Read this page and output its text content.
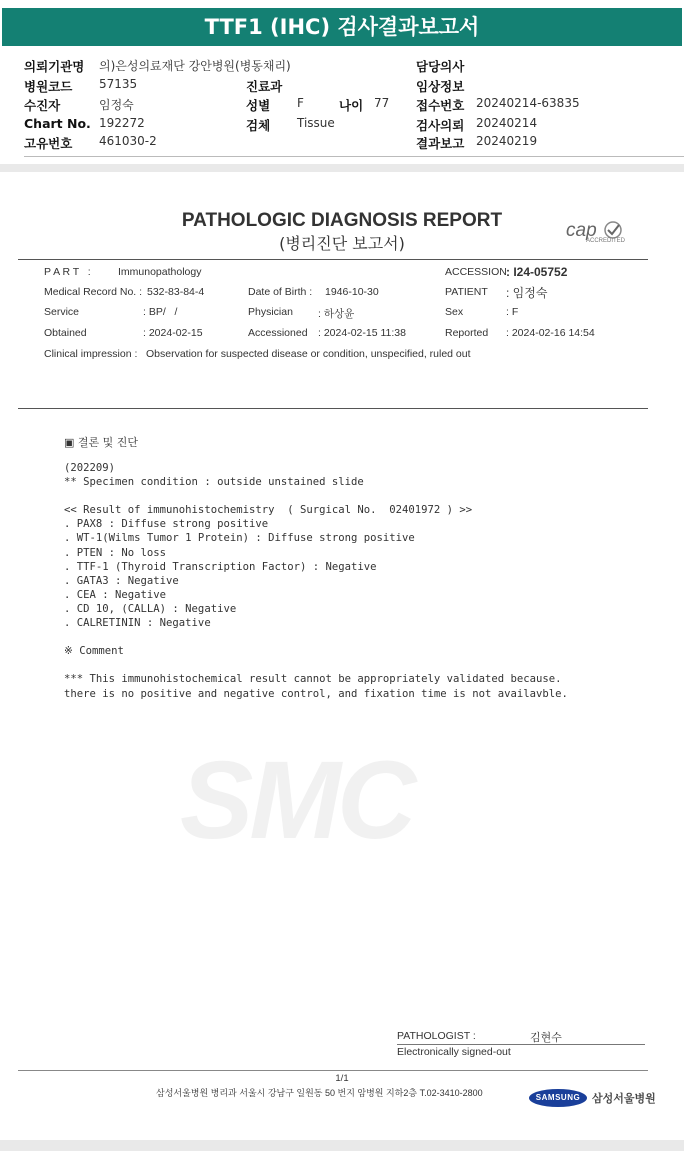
TTF1 (IHC) 검사결과보고서
의뢰기관명 의)은성의료재단 강안병원(병동채리)
병원코드 57135
수진자	임정숙
Chart No. 192272
고유번호 461030-2
진료과
성별 F	나이 77
검체 Tissue
담당의사
임상정보
접수번호 20240214-63835
검사의뢰 20240214
결과보고 20240219
SMC
PATHOLOGIC DIAGNOSIS REPORT
(병리진단 보고서)
cap
ACCREDITED
P A R T   :	Immunopathology	ACCESSION : I24-05752
Medical Record No. : 532-83-84-4	Date of Birth : 1946-10-30	PATIENT : 임정숙
Service	: BP/   /	Physician : 하상윤	Sex	: F
Obtained	: 2024-02-15	Accessioned : 2024-02-15 11:38	Reported : 2024-02-16 14:54
Clinical impression : Observation for suspected disease or condition, unspecified, ruled out
▣ 결론 및 진단
(202209)
** Specimen condition : outside unstained slide
<< Result of immunohistochemistry  ( Surgical No.  02401972 ) >>
. PAX8 : Diffuse strong positive
. WT-1(Wilms Tumor 1 Protein) : Diffuse strong positive
. PTEN : No loss
. TTF-1 (Thyroid Transcription Factor) : Negative
. GATA3 : Negative
. CEA : Negative
. CD 10, (CALLA) : Negative
. CALRETININ : Negative
※ Comment
*** This immunohistochemical result cannot be appropriately validated because.
there is no positive and negative control, and fixation time is not availavble.
PATHOLOGIST :	김현수
Electronically signed-out
1/1
삼성서울병원 병리과 서울시 강남구 일원동 50 번지 암병원 지하2층 T.02-3410-2800	SAMSUNG	삼성서울병원
